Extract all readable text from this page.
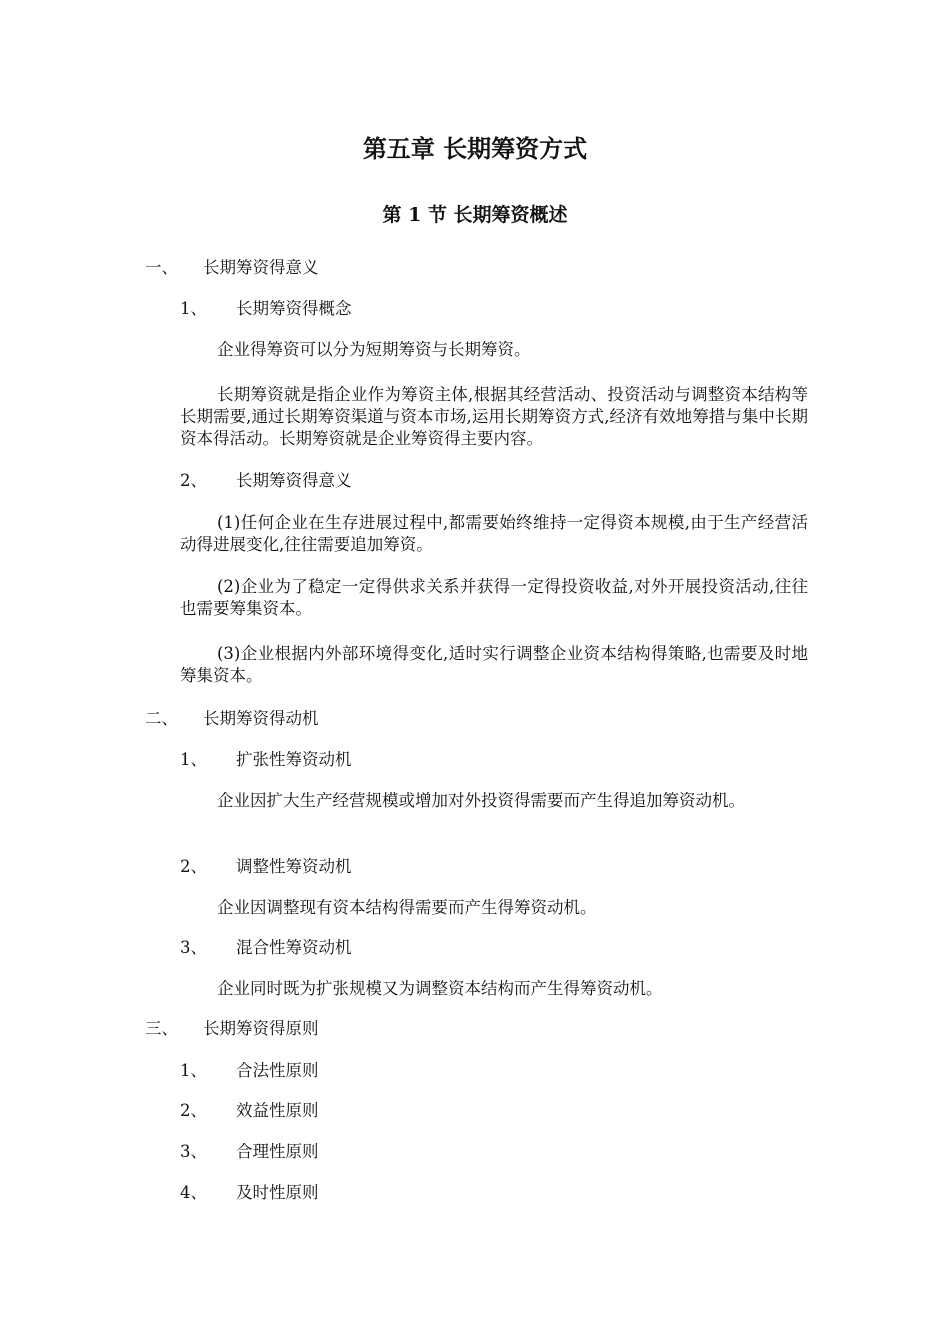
第五章 长期筹资方式
第 1 节 长期筹资概述
一、 长期筹资得意义
1、 长期筹资得概念

企业得筹资可以分为短期筹资与长期筹资。

长期筹资就是指企业作为筹资主体,根据其经营活动、投资活动与调整资本结构等长期需要,通过长期筹资渠道与资本市场,运用长期筹资方式,经济有效地筹措与集中长期资本得活动。长期筹资就是企业筹资得主要内容。

2、 长期筹资得意义

(1)任何企业在生存进展过程中,都需要始终维持一定得资本规模,由于生产经营活动得进展变化,往往需要追加筹资。

(2)企业为了稳定一定得供求关系并获得一定得投资收益,对外开展投资活动,往往也需要筹集资本。

(3)企业根据内外部环境得变化,适时实行调整企业资本结构得策略,也需要及时地筹集资本。

二、 长期筹资得动机
1、 扩张性筹资动机

企业因扩大生产经营规模或增加对外投资得需要而产生得追加筹资动机。

2、 调整性筹资动机

企业因调整现有资本结构得需要而产生得筹资动机。

3、 混合性筹资动机

企业同时既为扩张规模又为调整资本结构而产生得筹资动机。

三、 长期筹资得原则
1、 合法性原则
2、 效益性原则
3、 合理性原则
4、 及时性原则
